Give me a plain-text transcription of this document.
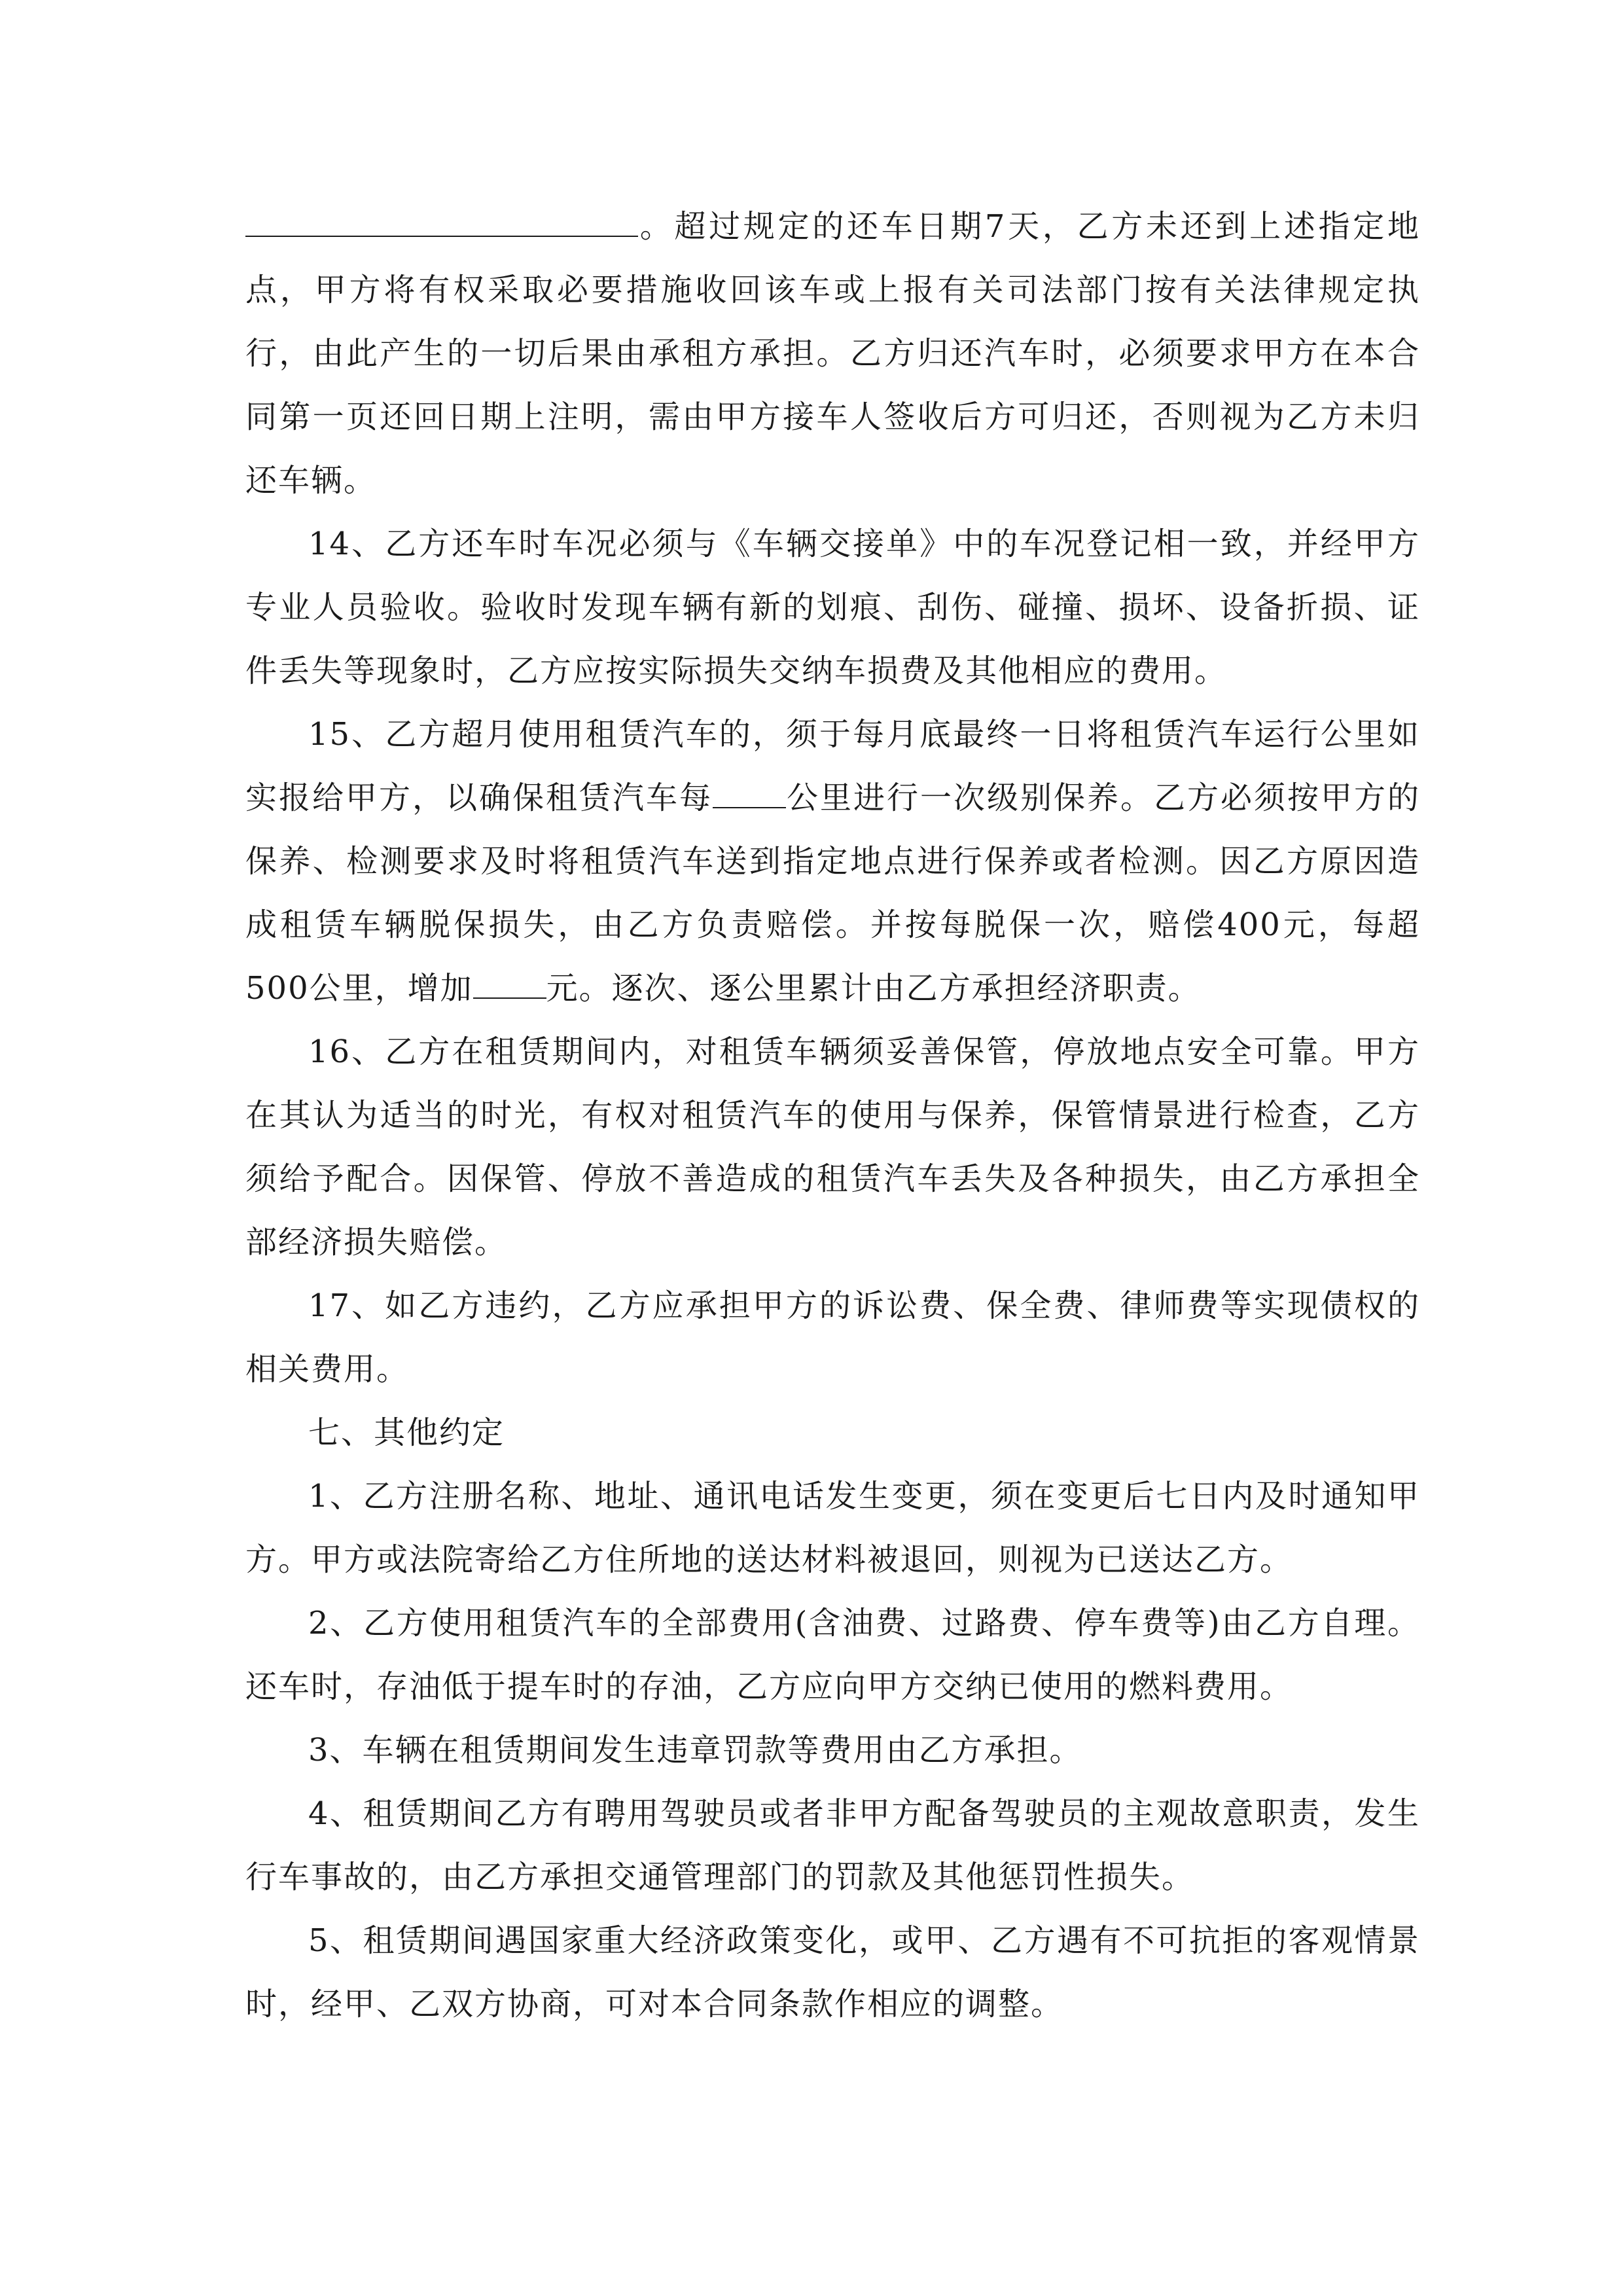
。超过规定的还车日期7天，乙方未还到上述指定地点，甲方将有权采取必要措施收回该车或上报有关司法部门按有关法律规定执行，由此产生的一切后果由承租方承担。乙方归还汽车时，必须要求甲方在本合同第一页还回日期上注明，需由甲方接车人签收后方可归还，否则视为乙方未归还车辆。

14、乙方还车时车况必须与《车辆交接单》中的车况登记相一致，并经甲方专业人员验收。验收时发现车辆有新的划痕、刮伤、碰撞、损坏、设备折损、证件丢失等现象时，乙方应按实际损失交纳车损费及其他相应的费用。

15、乙方超月使用租赁汽车的，须于每月底最终一日将租赁汽车运行公里如实报给甲方，以确保租赁汽车每 公里进行一次级别保养。乙方必须按甲方的保养、检测要求及时将租赁汽车送到指定地点进行保养或者检测。因乙方原因造成租赁车辆脱保损失，由乙方负责赔偿。并按每脱保一次，赔偿400元，每超500公里，增加 元。逐次、逐公里累计由乙方承担经济职责。

16、乙方在租赁期间内，对租赁车辆须妥善保管，停放地点安全可靠。甲方在其认为适当的时光，有权对租赁汽车的使用与保养，保管情景进行检查，乙方须给予配合。因保管、停放不善造成的租赁汽车丢失及各种损失，由乙方承担全部经济损失赔偿。

17、如乙方违约，乙方应承担甲方的诉讼费、保全费、律师费等实现债权的相关费用。

七、其他约定

1、乙方注册名称、地址、通讯电话发生变更，须在变更后七日内及时通知甲方。甲方或法院寄给乙方住所地的送达材料被退回，则视为已送达乙方。

2、乙方使用租赁汽车的全部费用(含油费、过路费、停车费等)由乙方自理。还车时，存油低于提车时的存油，乙方应向甲方交纳已使用的燃料费用。

3、车辆在租赁期间发生违章罚款等费用由乙方承担。

4、租赁期间乙方有聘用驾驶员或者非甲方配备驾驶员的主观故意职责，发生行车事故的，由乙方承担交通管理部门的罚款及其他惩罚性损失。

5、租赁期间遇国家重大经济政策变化，或甲、乙方遇有不可抗拒的客观情景时，经甲、乙双方协商，可对本合同条款作相应的调整。
